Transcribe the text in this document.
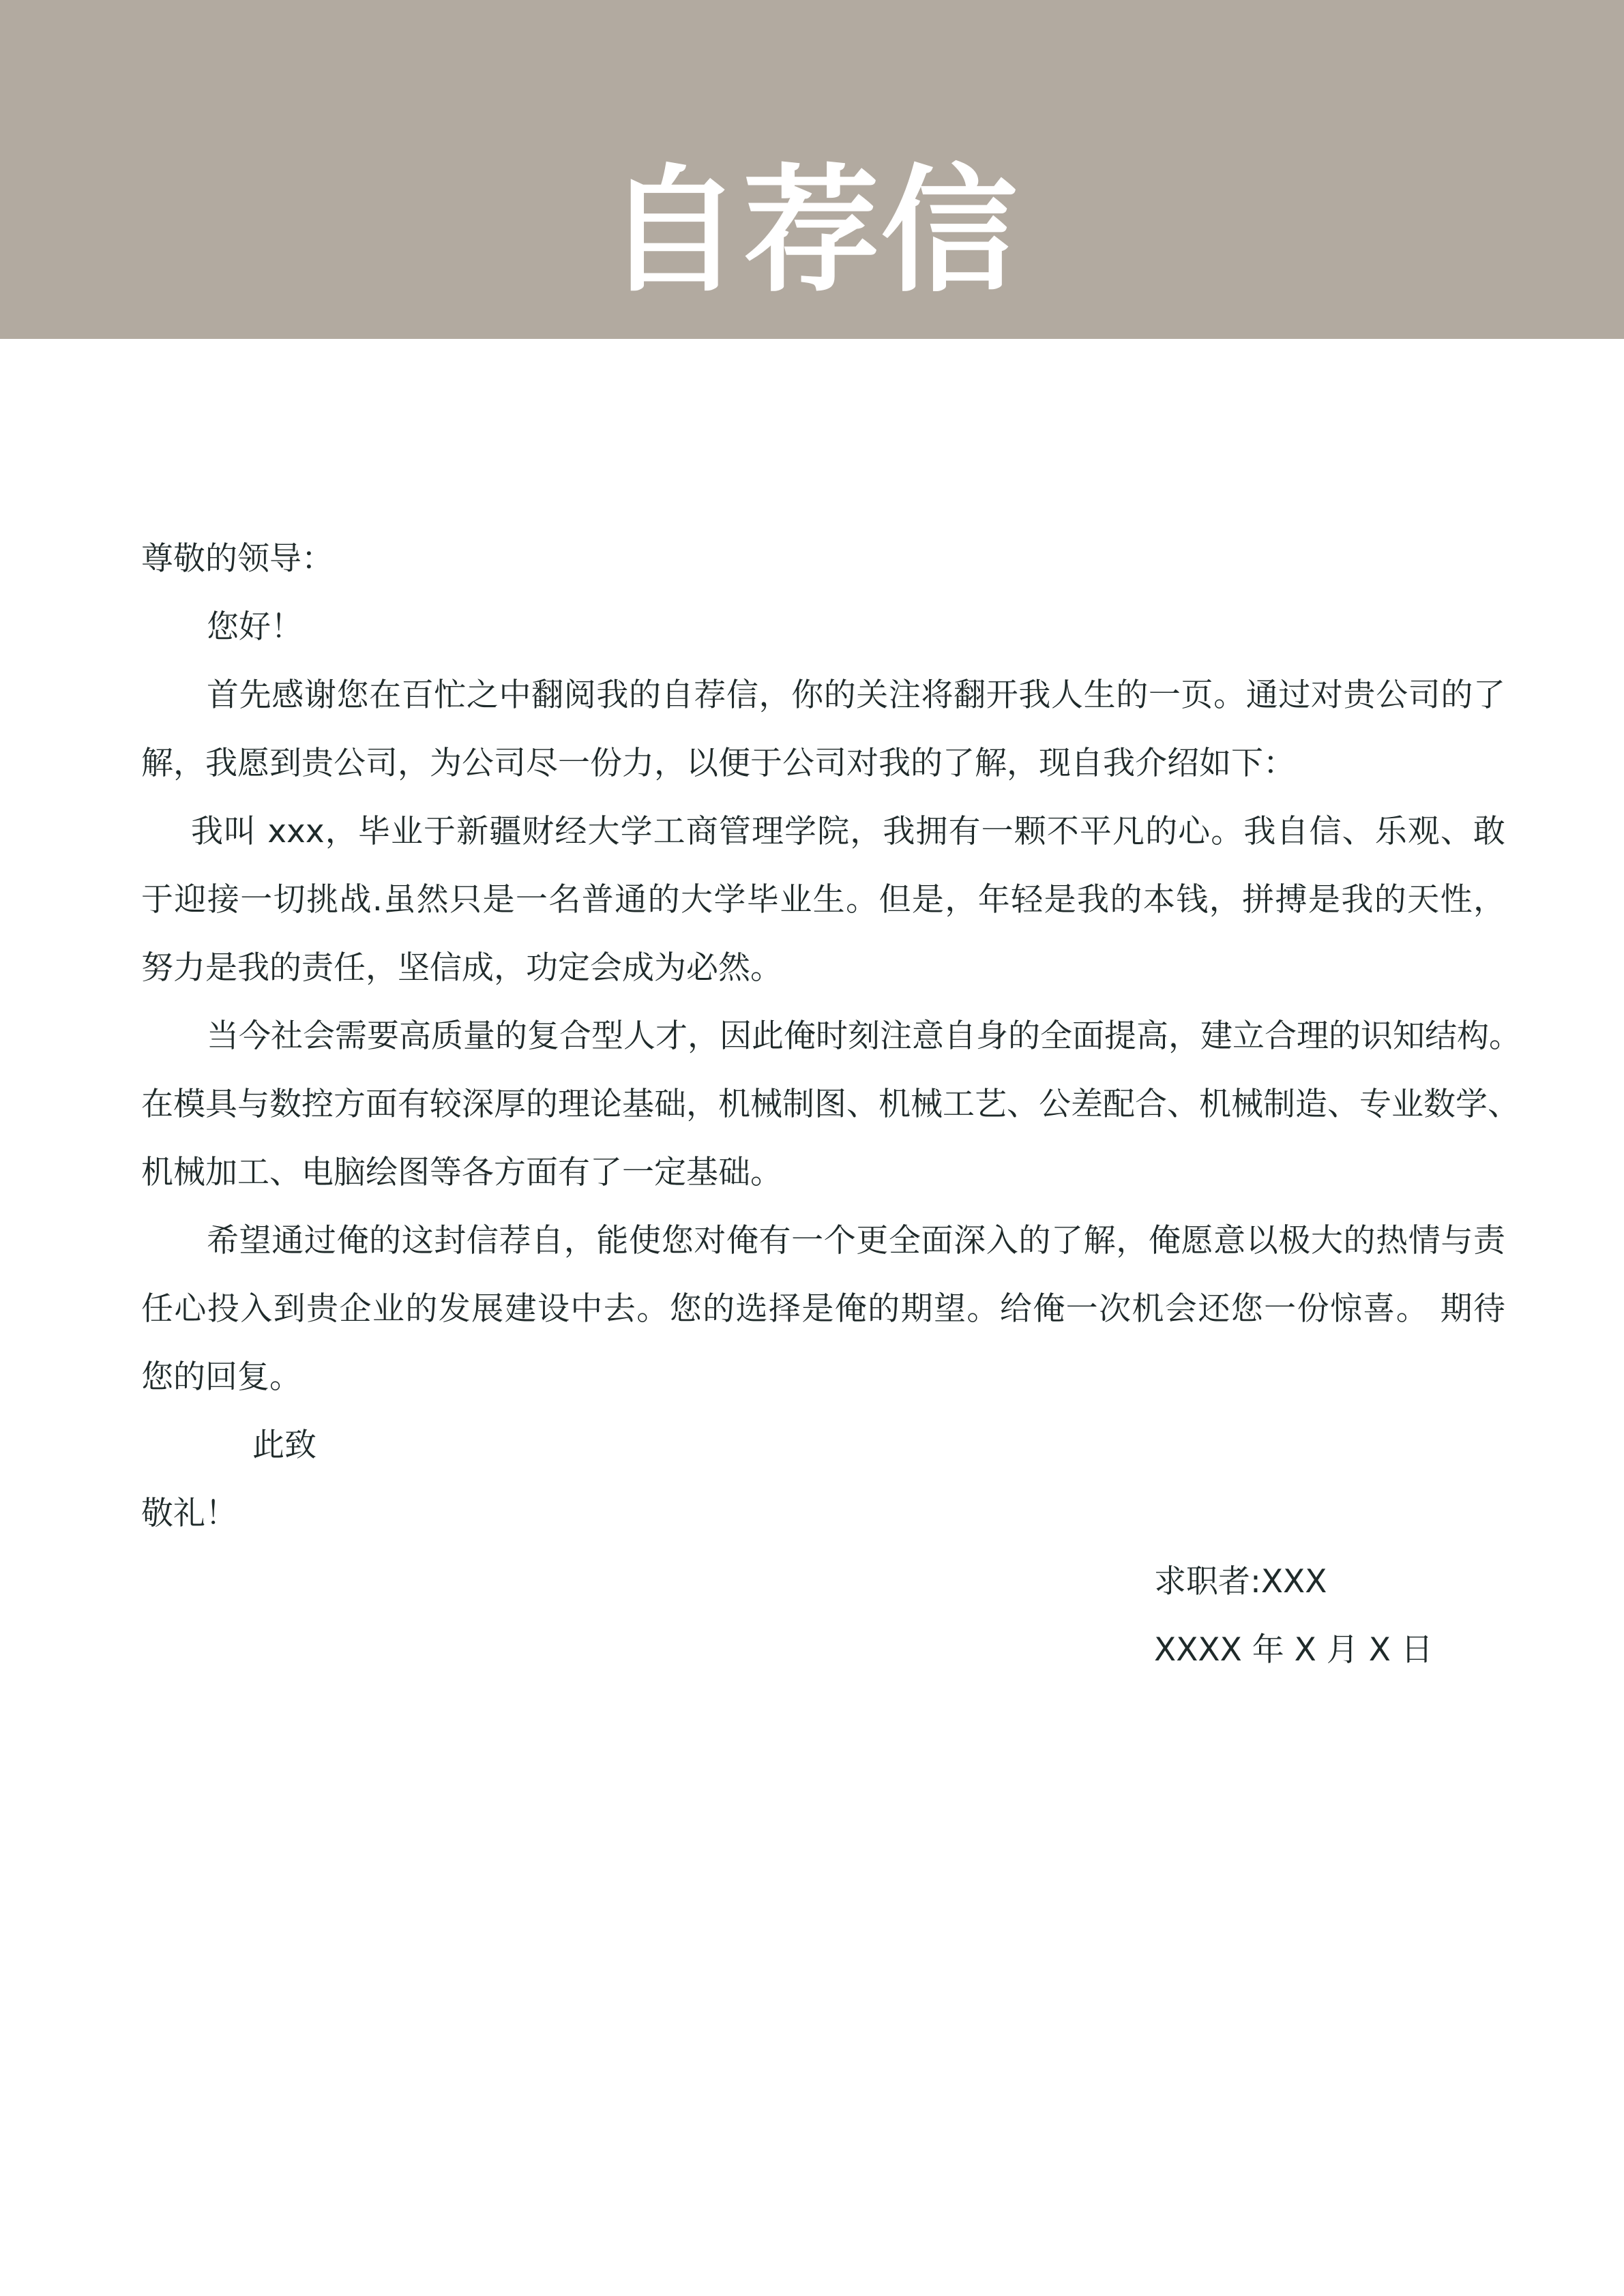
自荐信
尊敬的领导：
您好！
首先感谢您在百忙之中翻阅我的自荐信，你的关注将翻开我人生的一页。通过对贵公司的了
解，我愿到贵公司，为公司尽一份力，以便于公司对我的了解，现自我介绍如下：
我叫 xxx，毕业于新疆财经大学工商管理学院，我拥有一颗不平凡的心。我自信、乐观、敢
于迎接一切挑战.虽然只是一名普通的大学毕业生。但是，年轻是我的本钱，拼搏是我的天性，
努力是我的责任，坚信成，功定会成为必然。
当今社会需要高质量的复合型人才，因此俺时刻注意自身的全面提高，建立合理的识知结构。
在模具与数控方面有较深厚的理论基础，机械制图、机械工艺、公差配合、机械制造、专业数学、
机械加工、电脑绘图等各方面有了一定基础。
希望通过俺的这封信荐自，能使您对俺有一个更全面深入的了解，俺愿意以极大的热情与责
任心投入到贵企业的发展建设中去。您的选择是俺的期望。给俺一次机会还您一份惊喜。 期待
您的回复。
此致
敬礼！
求职者:XXX
XXXX 年 X 月 X 日
